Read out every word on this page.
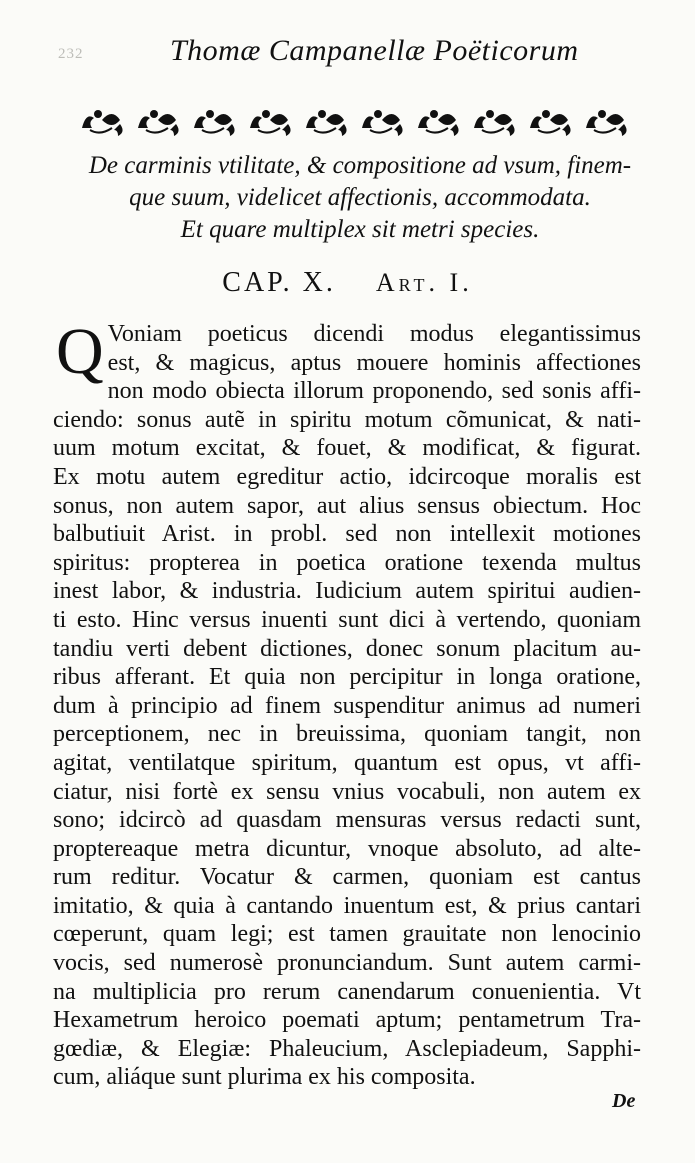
232	Thomæ Campanellæ Poëticorum
De carminis vtilitate, & compositione ad vsum, finem-
que suum, videlicet affectionis, accommodata.
Et quare multiplex sit metri species.
CAP. X. Art. I.
Q Voniam poeticus dicendi modus elegantissimus
est, & magicus, aptus mouere hominis affectiones
non modo obiecta illorum proponendo, sed sonis affi-
ciendo: sonus autẽ in spiritu motum cõmunicat, & nati-
uum motum excitat, & fouet, & modificat, & figurat.
Ex motu autem egreditur actio, idcircoque moralis est
sonus, non autem sapor, aut alius sensus obiectum. Hoc
balbutiuit Arist. in probl. sed non intellexit motiones
spiritus: propterea in poetica oratione texenda multus
inest labor, & industria. Iudicium autem spiritui audien-
ti esto. Hinc versus inuenti sunt dici à vertendo, quoniam
tandiu verti debent dictiones, donec sonum placitum au-
ribus afferant. Et quia non percipitur in longa oratione,
dum à principio ad finem suspenditur animus ad numeri
perceptionem, nec in breuissima, quoniam tangit, non
agitat, ventilatque spiritum, quantum est opus, vt affi-
ciatur, nisi fortè ex sensu vnius vocabuli, non autem ex
sono; idcircò ad quasdam mensuras versus redacti sunt,
proptereaque metra dicuntur, vnoque absoluto, ad alte-
rum reditur. Vocatur & carmen, quoniam est cantus
imitatio, & quia à cantando inuentum est, & prius cantari
cœperunt, quam legi; est tamen grauitate non lenocinio
vocis, sed numerosè pronunciandum. Sunt autem carmi-
na multiplicia pro rerum canendarum conuenientia. Vt
Hexametrum heroico poemati aptum; pentametrum Tra-
gœdiæ, & Elegiæ: Phaleucium, Asclepiadeum, Sapphi-
cum, aliáque sunt plurima ex his composita.
De
